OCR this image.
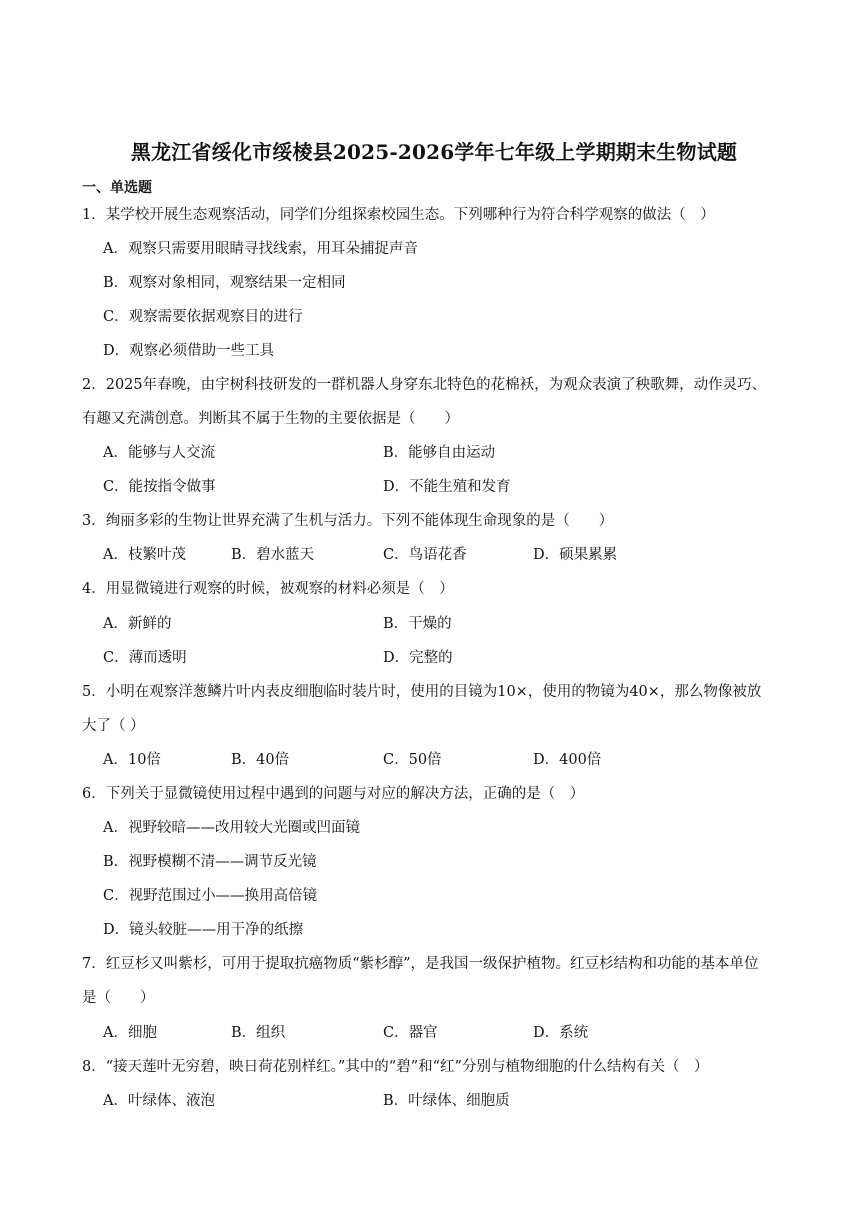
黑龙江省绥化市绥棱县2025-2026学年七年级上学期期末生物试题
一、单选题
1．某学校开展生态观察活动，同学们分组探索校园生态。下列哪种行为符合科学观察的做法（　）
A．观察只需要用眼睛寻找线索，用耳朵捕捉声音
B．观察对象相同，观察结果一定相同
C．观察需要依据观察目的进行
D．观察必须借助一些工具
2．2025年春晚，由宇树科技研发的一群机器人身穿东北特色的花棉袄，为观众表演了秧歌舞，动作灵巧、
有趣又充满创意。判断其不属于生物的主要依据是（　　）
A．能够与人交流	B．能够自由运动
C．能按指令做事	D．不能生殖和发育
3．绚丽多彩的生物让世界充满了生机与活力。下列不能体现生命现象的是（　　）
A．枝繁叶茂	B．碧水蓝天	C．鸟语花香	D．硕果累累
4．用显微镜进行观察的时候，被观察的材料必须是（　）
A．新鲜的	B．干燥的
C．薄而透明	D．完整的
5．小明在观察洋葱鳞片叶内表皮细胞临时装片时，使用的目镜为10×，使用的物镜为40×，那么物像被放
大了（ ）
A．10倍	B．40倍	C．50倍	D．400倍
6．下列关于显微镜使用过程中遇到的问题与对应的解决方法，正确的是（　）
A．视野较暗——改用较大光圈或凹面镜
B．视野模糊不清——调节反光镜
C．视野范围过小——换用高倍镜
D．镜头较脏——用干净的纸擦
7．红豆杉又叫紫杉，可用于提取抗癌物质“紫杉醇”，是我国一级保护植物。红豆杉结构和功能的基本单位
是（　　）
A．细胞	B．组织	C．器官	D．系统
8．“接天莲叶无穷碧，映日荷花别样红。”其中的“碧”和“红”分别与植物细胞的什么结构有关（　）
A．叶绿体、液泡	B．叶绿体、细胞质
